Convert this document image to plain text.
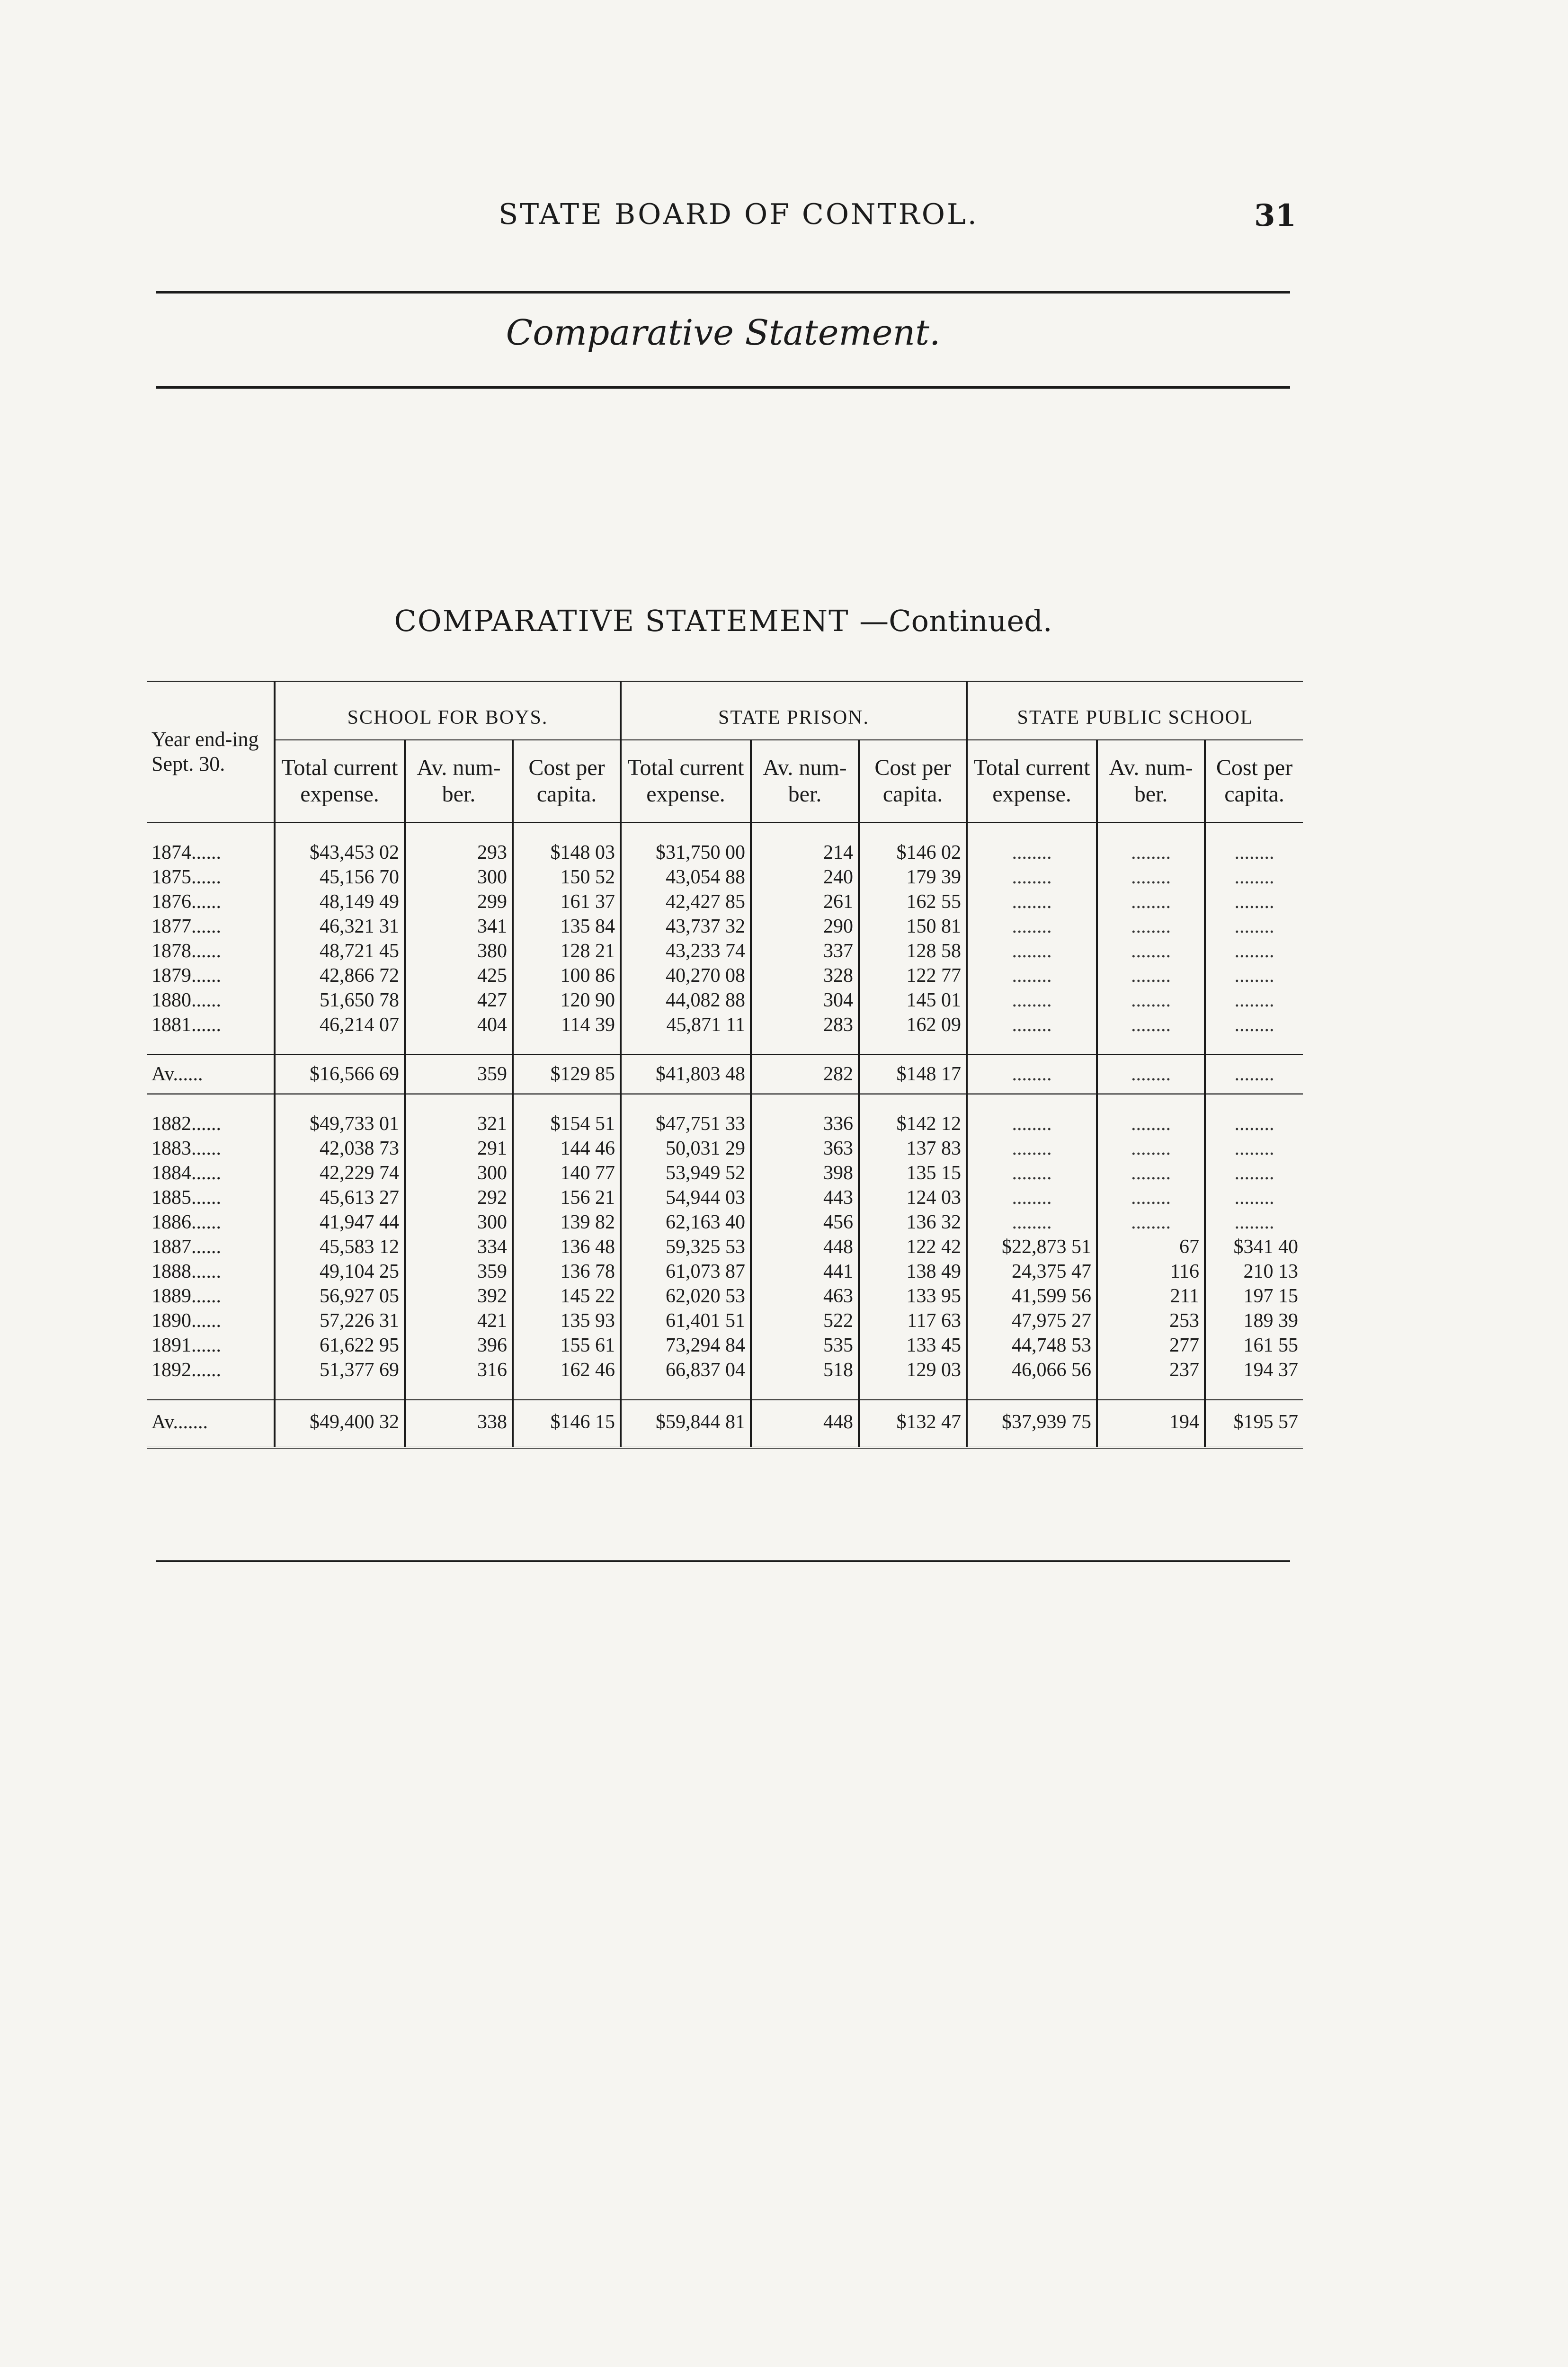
STATE BOARD OF CONTROL.	31
Comparative Statement.
COMPARATIVE STATEMENT —Continued.
Year end-ing Sept. 30.	SCHOOL FOR BOYS.			STATE PRISON.			STATE PUBLIC SCHOOL		
	Total current expense.	Av. num-ber.	Cost per capita.	Total current expense.	Av. num-ber.	Cost per capita.	Total current expense.	Av. num-ber.	Cost per capita.

1874......	$43,453 02	293	$148 03	$31,750 00	214	$146 02	........	........	........
1875......	45,156 70	300	150 52	43,054 88	240	179 39	........	........	........
1876......	48,149 49	299	161 37	42,427 85	261	162 55	........	........	........
1877......	46,321 31	341	135 84	43,737 32	290	150 81	........	........	........
1878......	48,721 45	380	128 21	43,233 74	337	128 58	........	........	........
1879......	42,866 72	425	100 86	40,270 08	328	122 77	........	........	........
1880......	51,650 78	427	120 90	44,082 88	304	145 01	........	........	........
1881......	46,214 07	404	114 39	45,871 11	283	162 09	........	........	........

Av......	$16,566 69	359	$129 85	$41,803 48	282	$148 17	........	........	........

1882......	$49,733 01	321	$154 51	$47,751 33	336	$142 12	........	........	........
1883......	42,038 73	291	144 46	50,031 29	363	137 83	........	........	........
1884......	42,229 74	300	140 77	53,949 52	398	135 15	........	........	........
1885......	45,613 27	292	156 21	54,944 03	443	124 03	........	........	........
1886......	41,947 44	300	139 82	62,163 40	456	136 32	........	........	........
1887......	45,583 12	334	136 48	59,325 53	448	122 42	$22,873 51	67	$341 40
1888......	49,104 25	359	136 78	61,073 87	441	138 49	24,375 47	116	210 13
1889......	56,927 05	392	145 22	62,020 53	463	133 95	41,599 56	211	197 15
1890......	57,226 31	421	135 93	61,401 51	522	117 63	47,975 27	253	189 39
1891......	61,622 95	396	155 61	73,294 84	535	133 45	44,748 53	277	161 55
1892......	51,377 69	316	162 46	66,837 04	518	129 03	46,066 56	237	194 37

Av.......	$49,400 32	338	$146 15	$59,844 81	448	$132 47	$37,939 75	194	$195 57
